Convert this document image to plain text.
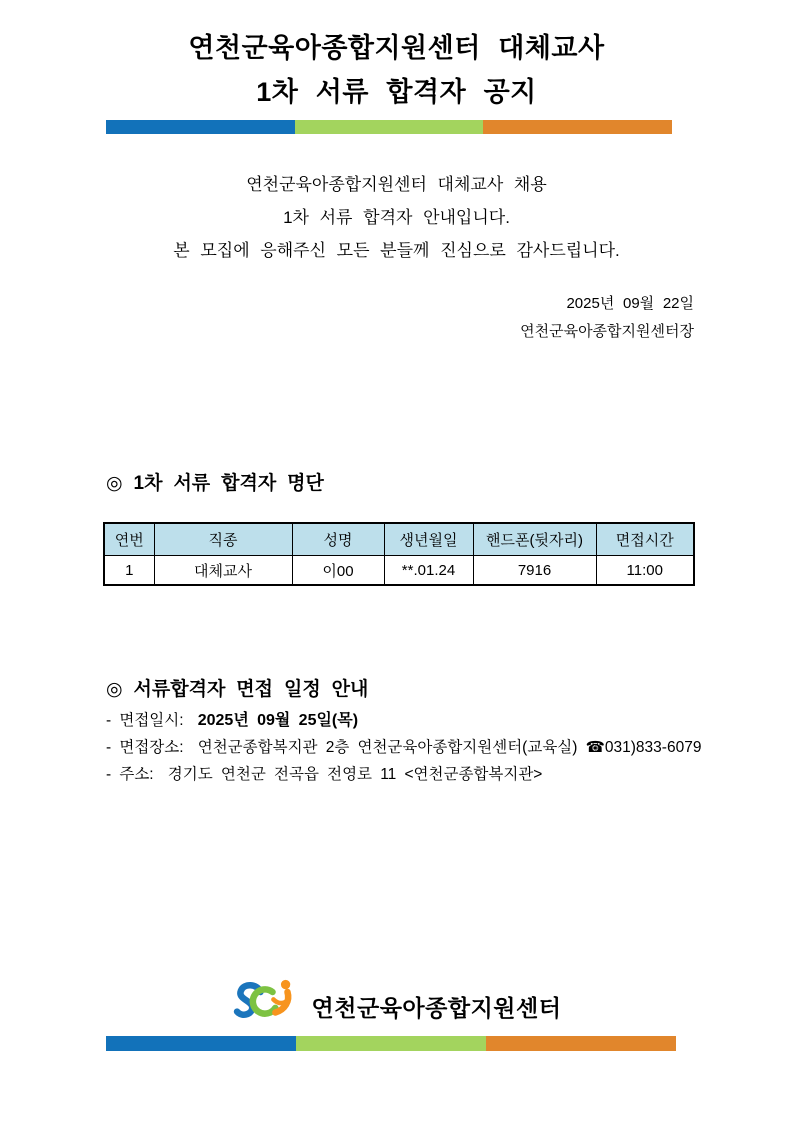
연천군육아종합지원센터 대체교사
1차 서류 합격자 공지
연천군육아종합지원센터 대체교사 채용
1차 서류 합격자 안내입니다.
본 모집에 응해주신 모든 분들께 진심으로 감사드립니다.
2025년 09월 22일
연천군육아종합지원센터장
◎ 1차 서류 합격자 명단
연번	직종	성명	생년월일	핸드폰(뒷자리)	면접시간
1	대체교사	이00	**.01.24	7916	11:00
◎ 서류합격자 면접 일정 안내
- 면접일시: 2025년 09월 25일(목)
- 면접장소: 연천군종합복지관 2층 연천군육아종합지원센터(교육실) ☎031)833-6079
- 주소: 경기도 연천군 전곡읍 전영로 11 <연천군종합복지관>
연천군육아종합지원센터
